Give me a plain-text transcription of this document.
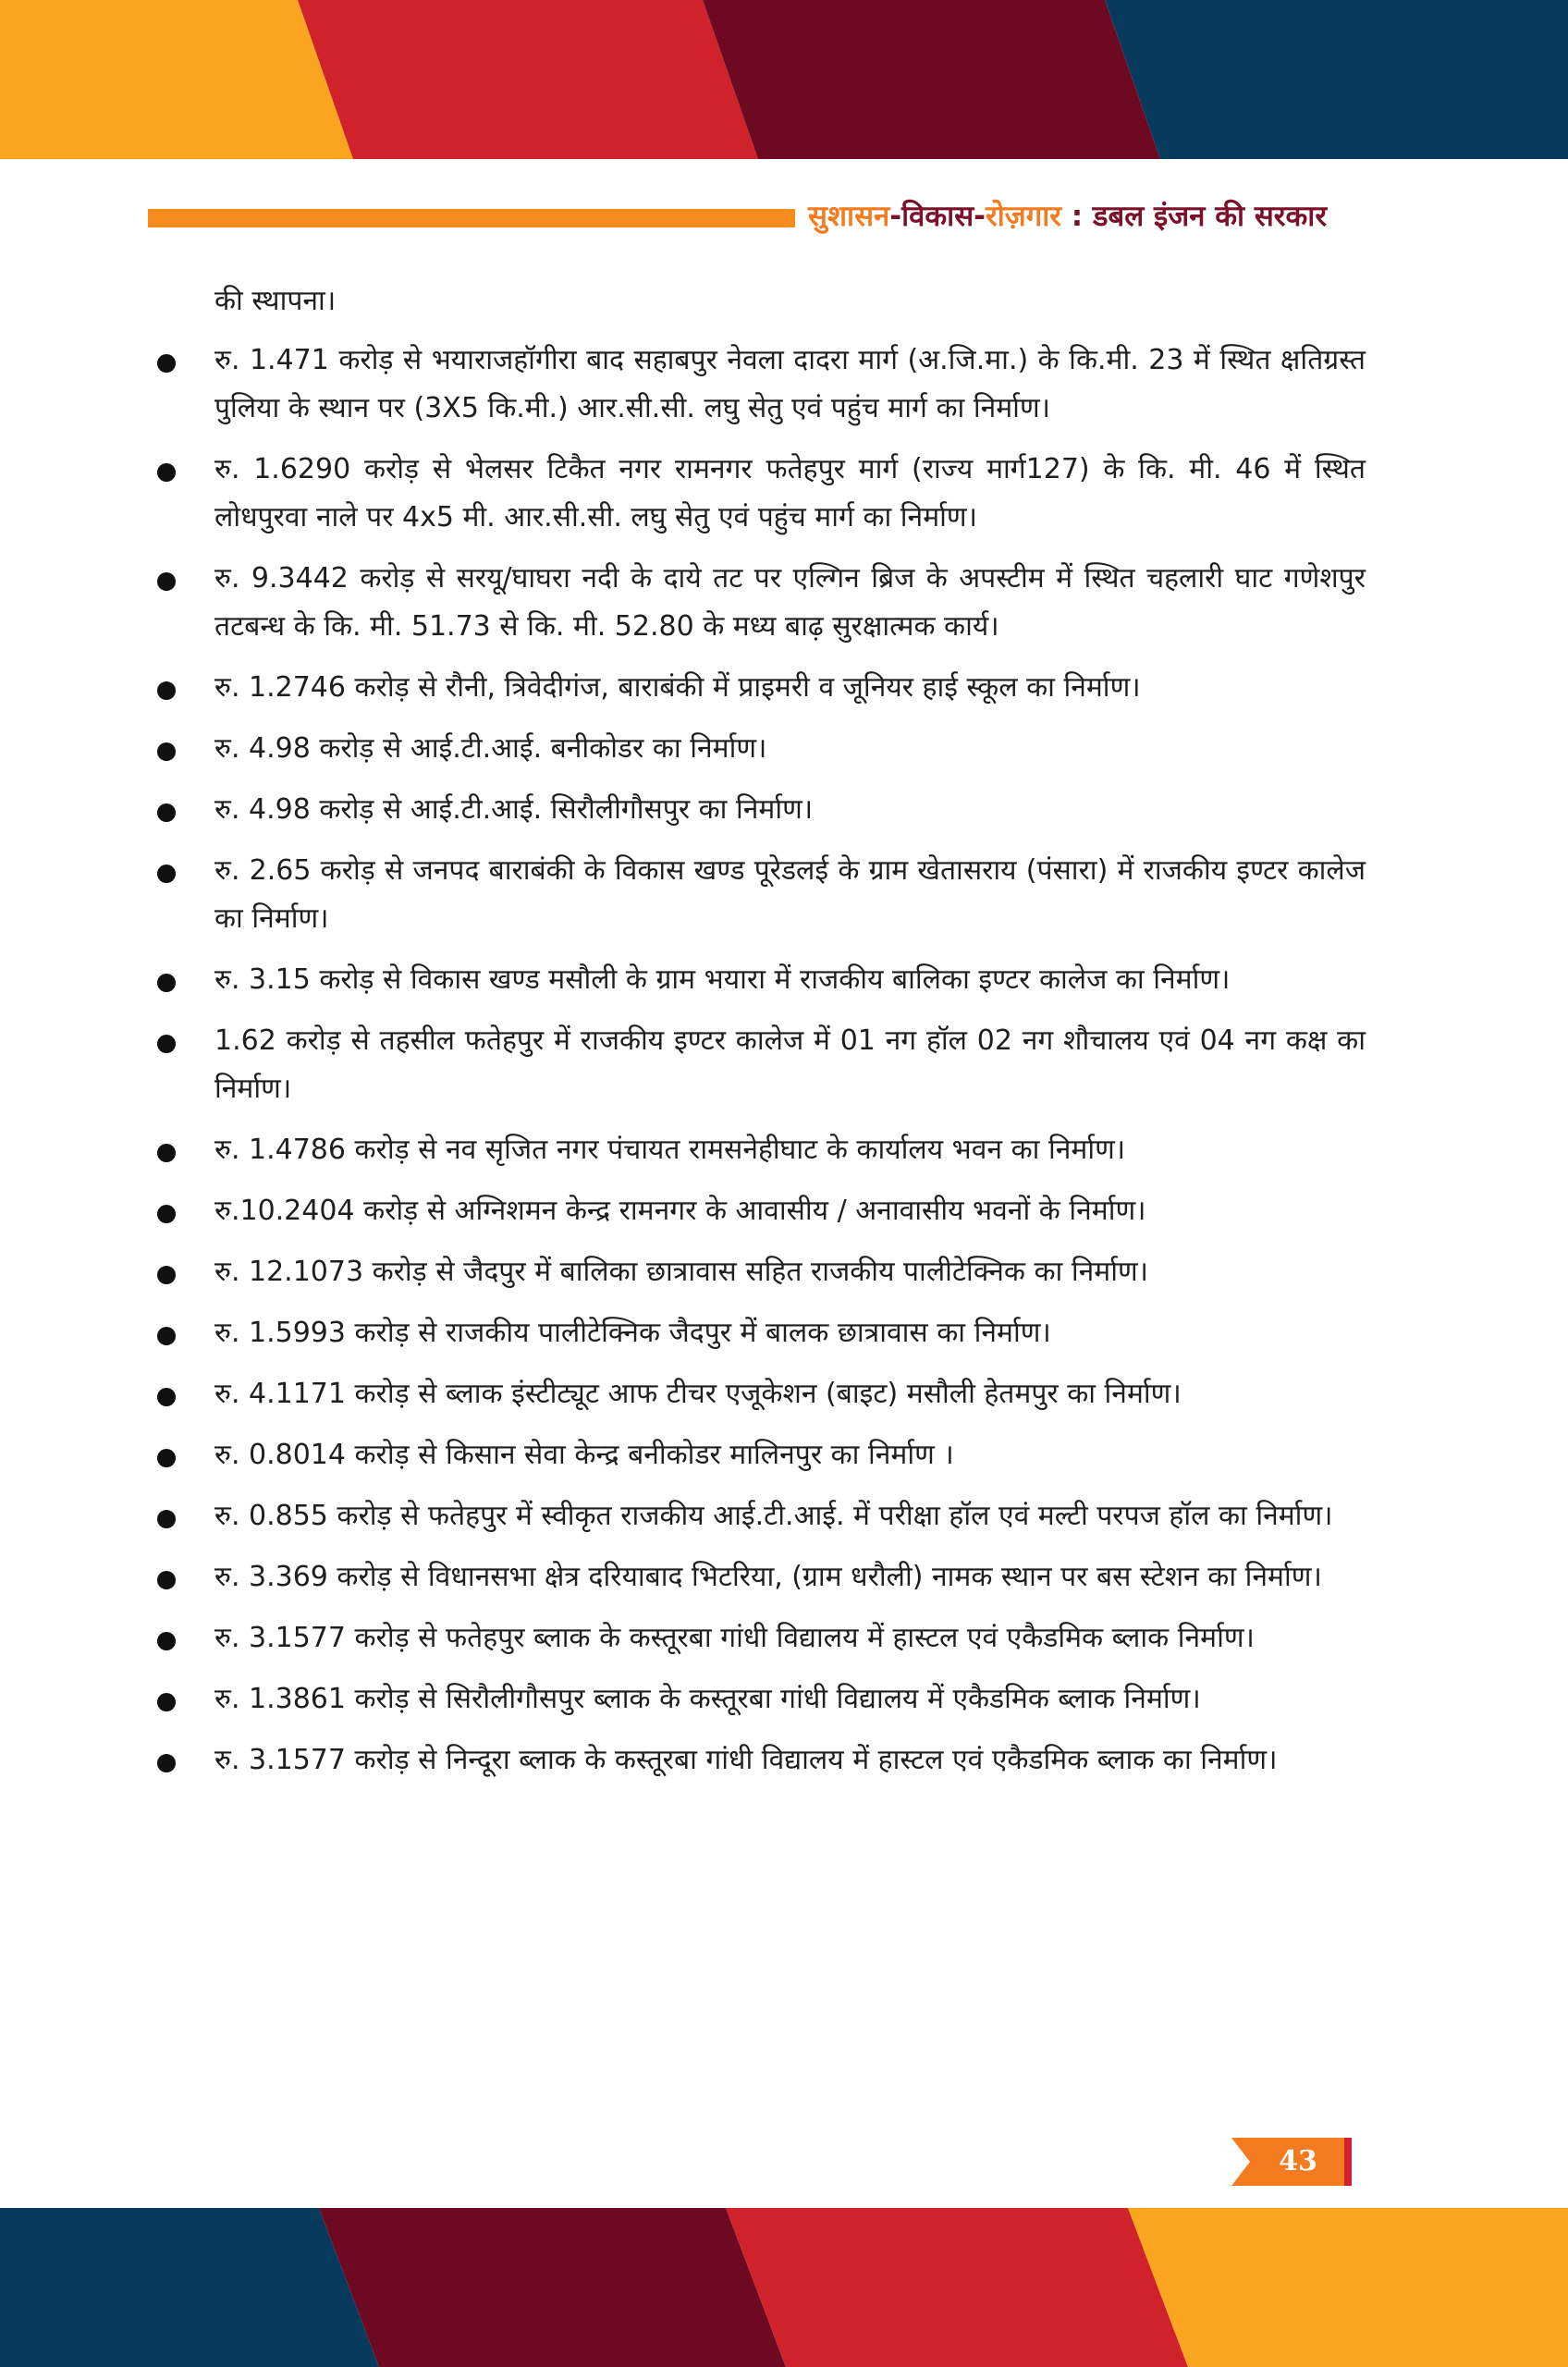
सुशासन-विकास-रोज़गार : डबल इंजन की सरकार

की स्थापना।

रु. 1.471 करोड़ से भयाराजहॉगीरा बाद सहाबपुर नेवला दादरा मार्ग (अ.जि.मा.) के कि.मी. 23 में स्थित क्षतिग्रस्त पुलिया के स्थान पर (3X5 कि.मी.) आर.सी.सी. लघु सेतु एवं पहुंच मार्ग का निर्माण।
रु. 1.6290 करोड़ से भेलसर टिकैत नगर रामनगर फतेहपुर मार्ग (राज्य मार्ग127) के कि. मी. 46 में स्थित लोधपुरवा नाले पर 4x5 मी. आर.सी.सी. लघु सेतु एवं पहुंच मार्ग का निर्माण।
रु. 9.3442 करोड़ से सरयू/घाघरा नदी के दाये तट पर एल्गिन ब्रिज के अपस्टीम में स्थित चहलारी घाट गणेशपुर तटबन्ध के कि. मी. 51.73 से कि. मी. 52.80 के मध्य बाढ़ सुरक्षात्मक कार्य।
रु. 1.2746 करोड़ से रौनी, त्रिवेदीगंज, बाराबंकी में प्राइमरी व जूनियर हाई स्कूल का निर्माण।
रु. 4.98 करोड़ से आई.टी.आई. बनीकोडर का निर्माण।
रु. 4.98 करोड़ से आई.टी.आई. सिरौलीगौसपुर का निर्माण।
रु. 2.65 करोड़ से जनपद बाराबंकी के विकास खण्ड पूरेडलई के ग्राम खेतासराय (पंसारा) में राजकीय इण्टर कालेज का निर्माण।
रु. 3.15 करोड़ से विकास खण्ड मसौली के ग्राम भयारा में राजकीय बालिका इण्टर कालेज का निर्माण।
1.62 करोड़ से तहसील फतेहपुर में राजकीय इण्टर कालेज में 01 नग हॉल 02 नग शौचालय एवं 04 नग कक्ष का निर्माण।
रु. 1.4786 करोड़ से नव सृजित नगर पंचायत रामसनेहीघाट के कार्यालय भवन का निर्माण।
रु.10.2404 करोड़ से अग्निशमन केन्द्र रामनगर के आवासीय / अनावासीय भवनों के निर्माण।
रु. 12.1073 करोड़ से जैदपुर में बालिका छात्रावास सहित राजकीय पालीटेक्निक का निर्माण।
रु. 1.5993 करोड़ से राजकीय पालीटेक्निक जैदपुर में बालक छात्रावास का निर्माण।
रु. 4.1171 करोड़ से ब्लाक इंस्टीट्यूट आफ टीचर एजूकेशन (बाइट) मसौली हेतमपुर का निर्माण।
रु. 0.8014 करोड़ से किसान सेवा केन्द्र बनीकोडर मालिनपुर का निर्माण ।
रु. 0.855 करोड़ से फतेहपुर में स्वीकृत राजकीय आई.टी.आई. में परीक्षा हॉल एवं मल्टी परपज हॉल का निर्माण।
रु. 3.369 करोड़ से विधानसभा क्षेत्र दरियाबाद भिटरिया, (ग्राम धरौली) नामक स्थान पर बस स्टेशन का निर्माण।
रु. 3.1577 करोड़ से फतेहपुर ब्लाक के कस्तूरबा गांधी विद्यालय में हास्टल एवं एकैडमिक ब्लाक निर्माण।
रु. 1.3861 करोड़ से सिरौलीगौसपुर ब्लाक के कस्तूरबा गांधी विद्यालय में एकैडमिक ब्लाक निर्माण।
रु. 3.1577 करोड़ से निन्दूरा ब्लाक के कस्तूरबा गांधी विद्यालय में हास्टल एवं एकैडमिक ब्लाक का निर्माण।
43
